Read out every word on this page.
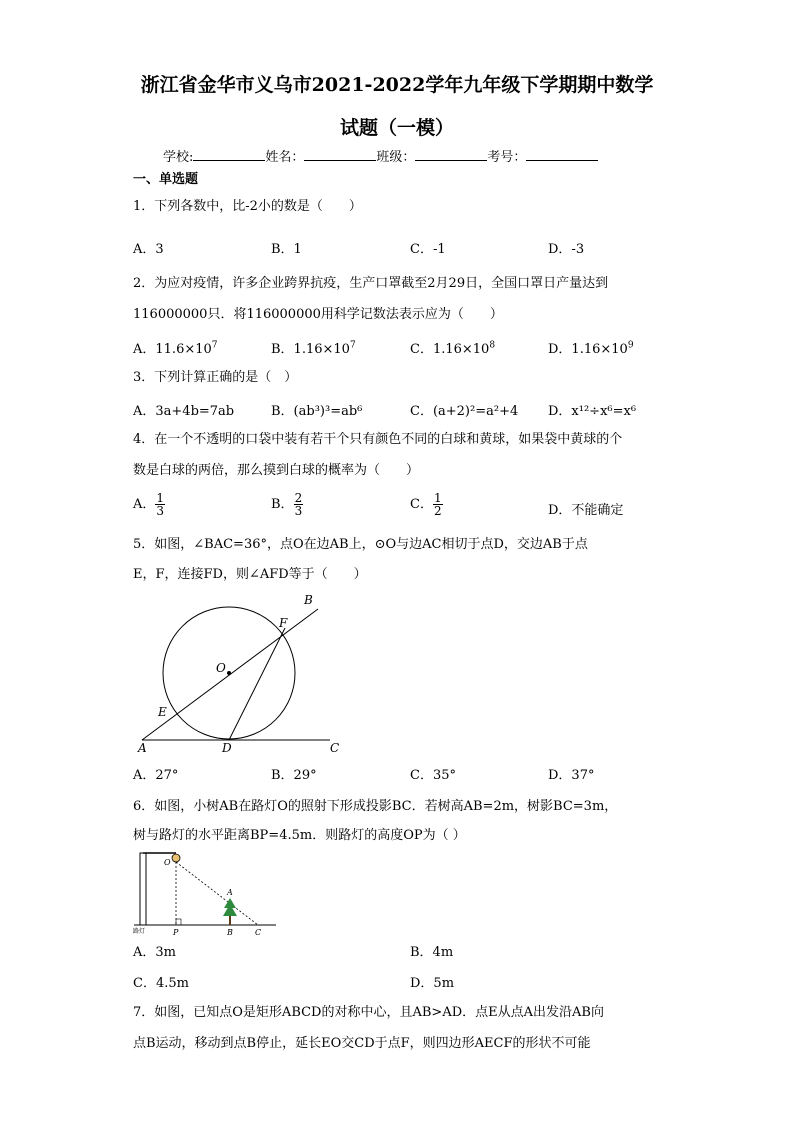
浙江省金华市义乌市2021-2022学年九年级下学期期中数学
试题（一模）
学校:	姓名：	班级：	考号：
一、单选题
1．下列各数中，比-2小的数是（　　）
A．3	B．1	C．-1	D．-3
2．为应对疫情，许多企业跨界抗疫，生产口罩截至2月29日，全国口罩日产量达到
116000000只．将116000000用科学记数法表示应为（　　）
A．$11.6\times 10^7$	B．$1.16\times 10^7$	C．$1.16\times 10^8$	D．$1.16\times 10^9$
3．下列计算正确的是（　）
A．3a+4b=7ab	B．(ab³)³=ab⁶	C．(a+2)²=a²+4 D．x¹²÷x⁶=x⁶
4．在一个不透明的口袋中装有若干个只有颜色不同的白球和黄球，如果袋中黄球的个
数是白球的两倍，那么摸到白球的概率为（　　）
A． $\frac{1}{3}$	B． $\frac{2}{3}$	C． $\frac{1}{2}$	D．不能确定
5．如图，∠BAC=36°，点O在边AB上，⊙O与边AC相切于点D，交边AB于点
E，F，连接FD，则∠AFD等于（　　）
A
B
C
D
E
F
O
A．27°	B．29°	C．35°	D．37°
6．如图，小树AB在路灯O的照射下形成投影BC．若树高AB=2m，树影BC=3m，
树与路灯的水平距离BP=4.5m．则路灯的高度OP为（ ）
O
A
P	B	C
路灯
A．3m	B．4m
C．4.5m	D．5m
7．如图，已知点O是矩形ABCD的对称中心，且AB>AD．点E从点A出发沿AB向
点B运动，移动到点B停止，延长EO交CD于点F，则四边形AECF的形状不可能
